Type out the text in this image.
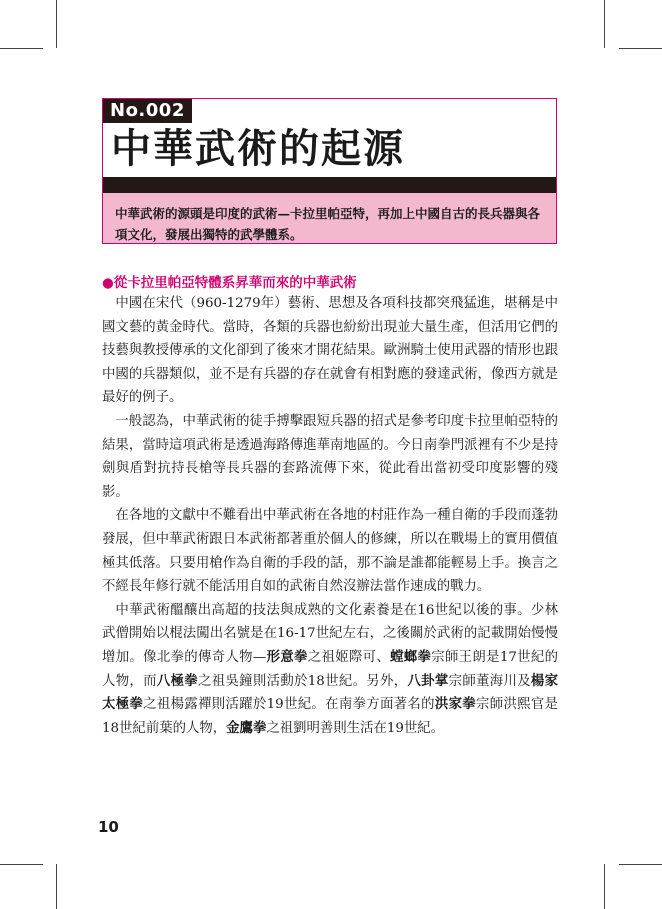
No.002
中華武術的起源
中華武術的源頭是印度的武術—卡拉里帕亞特，再加上中國自古的長兵器與各項文化，發展出獨特的武學體系。
●從卡拉里帕亞特體系昇華而來的中華武術

中國在宋代（960-1279年）藝術、思想及各項科技都突飛猛進，堪稱是中國文藝的黃金時代。當時，各類的兵器也紛紛出現並大量生產，但活用它們的技藝與教授傳承的文化卻到了後來才開花結果。歐洲騎士使用武器的情形也跟中國的兵器類似，並不是有兵器的存在就會有相對應的發達武術，像西方就是最好的例子。

一般認為，中華武術的徒手搏擊跟短兵器的招式是參考印度卡拉里帕亞特的結果，當時這項武術是透過海路傳進華南地區的。今日南拳門派裡有不少是持劍與盾對抗持長槍等長兵器的套路流傳下來，從此看出當初受印度影響的殘影。

在各地的文獻中不難看出中華武術在各地的村莊作為一種自衛的手段而蓬勃發展，但中華武術跟日本武術都著重於個人的修練，所以在戰場上的實用價值極其低落。只要用槍作為自衛的手段的話，那不論是誰都能輕易上手。換言之不經長年修行就不能活用自如的武術自然沒辦法當作速成的戰力。

中華武術醞釀出高超的技法與成熟的文化素養是在16世紀以後的事。少林武僧開始以棍法闖出名號是在16-17世紀左右，之後關於武術的記載開始慢慢增加。像北拳的傳奇人物—形意拳之祖姬際可、螳螂拳宗師王朗是17世紀的人物，而八極拳之祖吳鐘則活動於18世紀。另外，八卦掌宗師董海川及楊家太極拳之祖楊露禪則活躍於19世紀。在南拳方面著名的洪家拳宗師洪熙官是18世紀前葉的人物，金鷹拳之祖劉明善則生活在19世紀。

10
